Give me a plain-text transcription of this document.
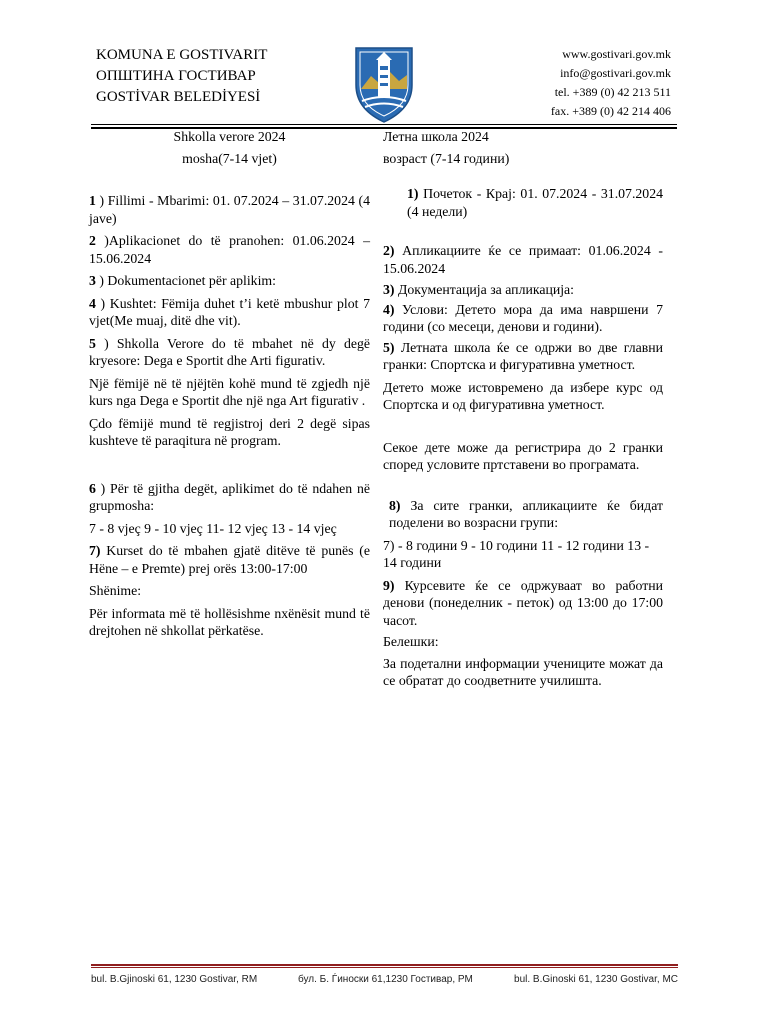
KOMUNA E GOSTIVARIT
ОПШТИНА ГОСТИВАР
GOSTİVAR BELEDİYESİ
www.gostivari.gov.mk
info@gostivari.gov.mk
tel. +389 (0) 42 213 511
fax. +389 (0) 42 214 406

Shkolla verore 2024

mosha(7-14 vjet)

1 ) Fillimi - Mbarimi: 01. 07.2024 – 31.07.2024 (4 jave)

2 )Aplikacionet do të pranohen: 01.06.2024 – 15.06.2024

3 ) Dokumentacionet për aplikim:

4 ) Kushtet: Fëmija duhet t’i ketë mbushur plot 7 vjet(Me muaj, ditë dhe vit).

5 ) Shkolla Verore do të mbahet në dy degë kryesore: Dega e Sportit dhe Arti figurativ.

Një fëmijë në të njëjtën kohë mund të zgjedh një kurs nga Dega e Sportit dhe një nga Art figurativ .

Çdo fëmijë mund të regjistroj deri 2 degë sipas kushteve të paraqitura në program.

6 ) Për të gjitha degët, aplikimet do të ndahen në grupmosha:

7 - 8 vjeç 9 - 10 vjeç 11- 12 vjeç 13 - 14 vjeç

7) Kurset do të mbahen gjatë ditëve të punës (e Hëne – e Premte) prej orës 13:00-17:00

Shënime:

Për informata më të hollësishme nxënësit mund të drejtohen në shkollat përkatëse.

Летна школа 2024

возраст (7-14 години)

1) Почеток - Крај: 01. 07.2024 - 31.07.2024 (4 недели)

2) Апликациите ќе се примаат: 01.06.2024 - 15.06.2024

3) Документација за апликација:

4) Услови: Детето мора да има навршени 7 години (со месеци, денови и години).

5) Летната школа ќе се одржи во две главни гранки: Спортска и фигуративна уметност.

Детето може истовремено да избере курс од Спортска и од фигуративна уметност.

Секое дете може да регистрира до 2 гранки според условите пртставени во програмата.

8) За сите гранки, апликациите ќе бидат поделени во возрасни групи:

7) - 8 години 9 - 10 години 11 - 12 години 13 - 14 години

9) Курсевите ќе се одржуваат во работни денови (понеделник - петок) од 13:00 до 17:00 часот.

Белешки:

За подетални информации учениците можат да се обратат до соодветните училишта.

bul. B.Gjinoski 61, 1230 Gostivar, RM	бул. Б. Ѓиноски 61,1230 Гостивар, РМ	bul. B.Ginoski 61, 1230 Gostivar, MC
